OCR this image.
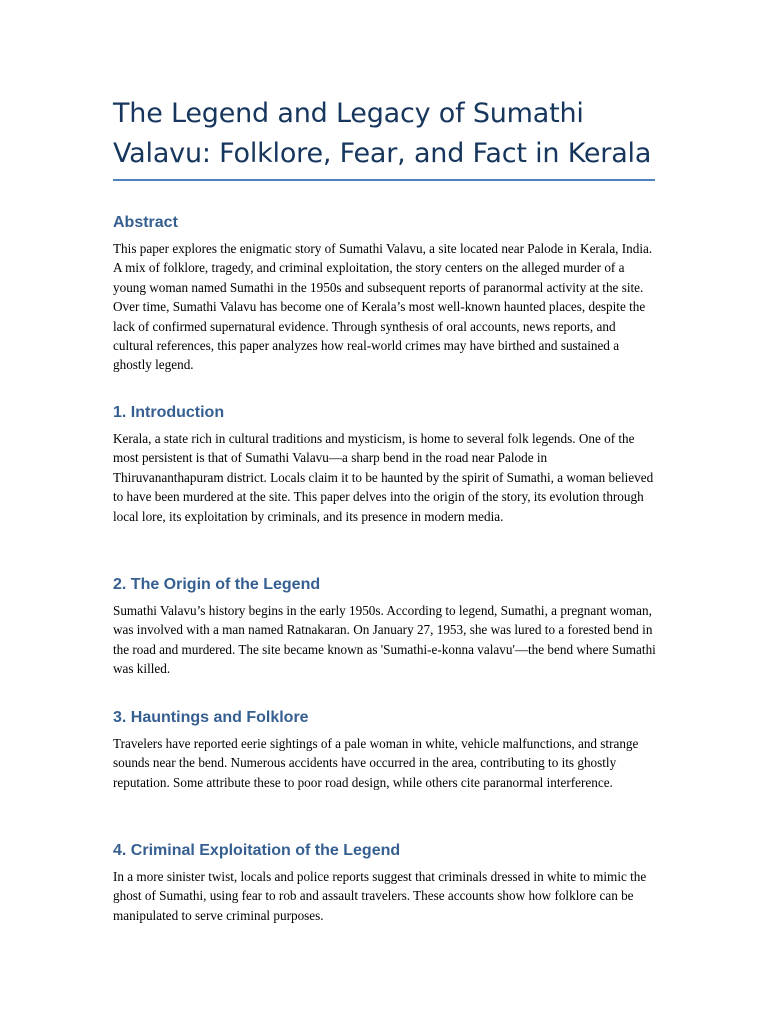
The Legend and Legacy of Sumathi Valavu: Folklore, Fear, and Fact in Kerala
Abstract

This paper explores the enigmatic story of Sumathi Valavu, a site located near Palode in Kerala, India. A mix of folklore, tragedy, and criminal exploitation, the story centers on the alleged murder of a young woman named Sumathi in the 1950s and subsequent reports of paranormal activity at the site. Over time, Sumathi Valavu has become one of Kerala’s most well-known haunted places, despite the lack of confirmed supernatural evidence. Through synthesis of oral accounts, news reports, and cultural references, this paper analyzes how real-world crimes may have birthed and sustained a ghostly legend.

1. Introduction

Kerala, a state rich in cultural traditions and mysticism, is home to several folk legends. One of the most persistent is that of Sumathi Valavu—a sharp bend in the road near Palode in Thiruvananthapuram district. Locals claim it to be haunted by the spirit of Sumathi, a woman believed to have been murdered at the site. This paper delves into the origin of the story, its evolution through local lore, its exploitation by criminals, and its presence in modern media.

2. The Origin of the Legend

Sumathi Valavu’s history begins in the early 1950s. According to legend, Sumathi, a pregnant woman, was involved with a man named Ratnakaran. On January 27, 1953, she was lured to a forested bend in the road and murdered. The site became known as 'Sumathi-e-konna valavu'—the bend where Sumathi was killed.

3. Hauntings and Folklore

Travelers have reported eerie sightings of a pale woman in white, vehicle malfunctions, and strange sounds near the bend. Numerous accidents have occurred in the area, contributing to its ghostly reputation. Some attribute these to poor road design, while others cite paranormal interference.

4. Criminal Exploitation of the Legend

In a more sinister twist, locals and police reports suggest that criminals dressed in white to mimic the ghost of Sumathi, using fear to rob and assault travelers. These accounts show how folklore can be manipulated to serve criminal purposes.
